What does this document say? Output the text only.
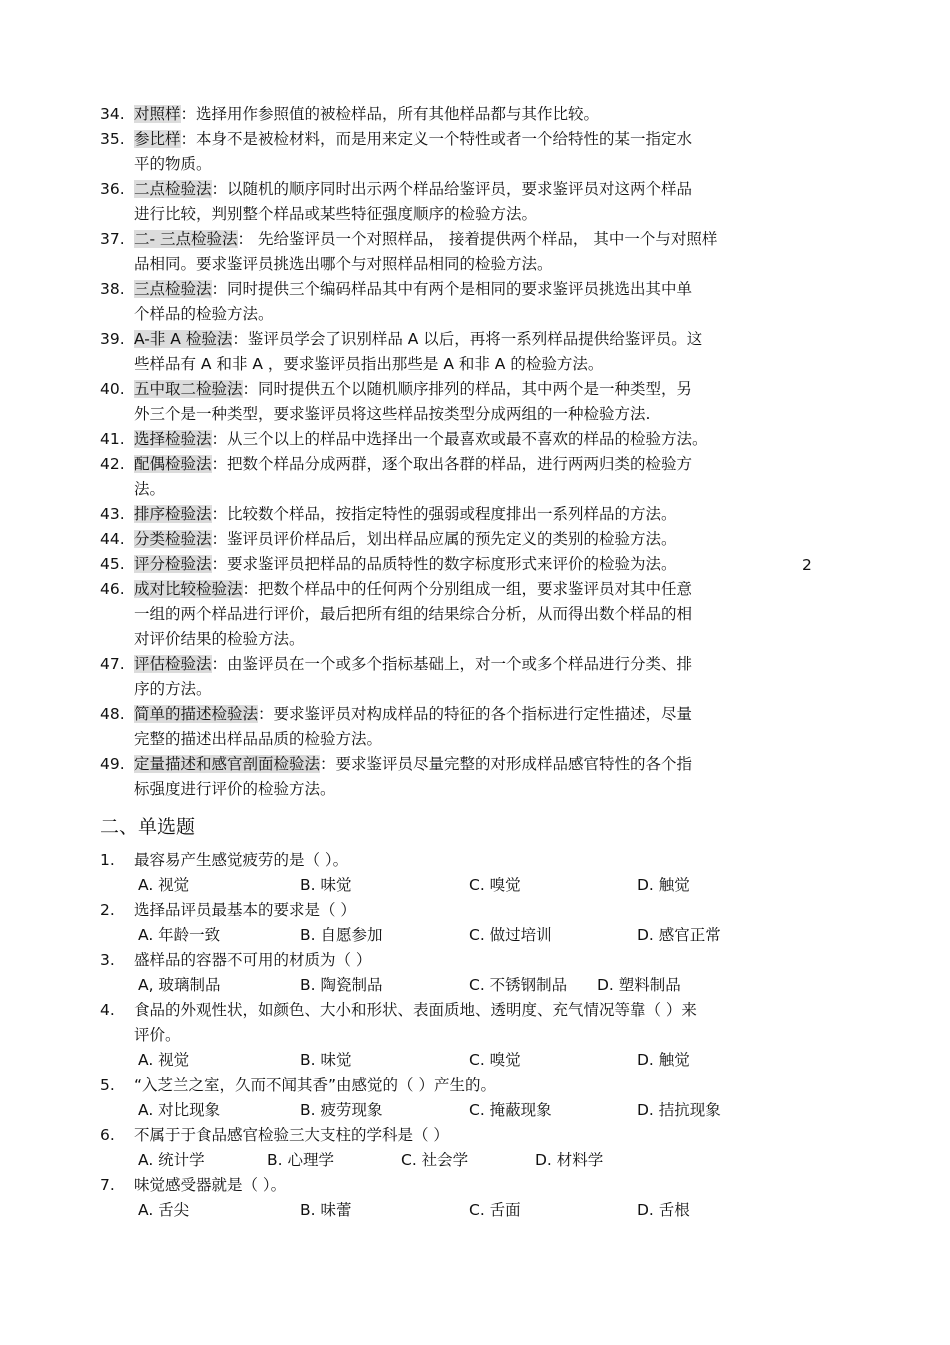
34. 对照样：选择用作参照值的被检样品，所有其他样品都与其作比较。
35. 参比样：本身不是被检材料，而是用来定义一个特性或者一个给特性的某一指定水
平的物质。
36. 二点检验法：以随机的顺序同时出示两个样品给鉴评员，要求鉴评员对这两个样品
进行比较，判别整个样品或某些特征强度顺序的检验方法。
37. 二- 三点检验法： 先给鉴评员一个对照样品， 接着提供两个样品， 其中一个与对照样
品相同。要求鉴评员挑选出哪个与对照样品相同的检验方法。
38. 三点检验法：同时提供三个编码样品其中有两个是相同的要求鉴评员挑选出其中单
个样品的检验方法。
39. A-非 A 检验法：鉴评员学会了识别样品 A 以后，再将一系列样品提供给鉴评员。这
些样品有 A 和非 A ，要求鉴评员指出那些是 A 和非 A 的检验方法。
40. 五中取二检验法：同时提供五个以随机顺序排列的样品，其中两个是一种类型，另
外三个是一种类型，要求鉴评员将这些样品按类型分成两组的一种检验方法.
41. 选择检验法：从三个以上的样品中选择出一个最喜欢或最不喜欢的样品的检验方法。
42. 配偶检验法：把数个样品分成两群，逐个取出各群的样品，进行两两归类的检验方
法。
43. 排序检验法：比较数个样品，按指定特性的强弱或程度排出一系列样品的方法。
44. 分类检验法：鉴评员评价样品后，划出样品应属的预先定义的类别的检验方法。
45. 评分检验法：要求鉴评员把样品的品质特性的数字标度形式来评价的检验为法。
46. 成对比较检验法：把数个样品中的任何两个分别组成一组，要求鉴评员对其中任意
一组的两个样品进行评价，最后把所有组的结果综合分析，从而得出数个样品的相
对评价结果的检验方法。
47. 评估检验法：由鉴评员在一个或多个指标基础上，对一个或多个样品进行分类、排
序的方法。
48. 简单的描述检验法：要求鉴评员对构成样品的特征的各个指标进行定性描述，尽量
完整的描述出样品品质的检验方法。
49. 定量描述和感官剖面检验法：要求鉴评员尽量完整的对形成样品感官特性的各个指
标强度进行评价的检验方法。
2
二、单选题
1.	最容易产生感觉疲劳的是（ ）。
A. 视觉	B. 味觉	C. 嗅觉	D. 触觉
2.	选择品评员最基本的要求是（ ）
A. 年龄一致	B. 自愿参加	C. 做过培训	D. 感官正常
3.	盛样品的容器不可用的材质为（ ）
A, 玻璃制品	B. 陶瓷制品	C. 不锈钢制品 D. 塑料制品
4.	食品的外观性状，如颜色、大小和形状、表面质地、透明度、充气情况等靠（ ）来
评价。
A. 视觉	B. 味觉	C. 嗅觉	D. 触觉
5.	“入芝兰之室，久而不闻其香”由感觉的（ ）产生的。
A. 对比现象	B. 疲劳现象	C. 掩蔽现象	D. 拮抗现象
6.	不属于于食品感官检验三大支柱的学科是（ ）
A. 统计学	B. 心理学	C. 社会学	D. 材料学
7.	味觉感受器就是（ ）。
A. 舌尖	B. 味蕾	C. 舌面	D. 舌根
